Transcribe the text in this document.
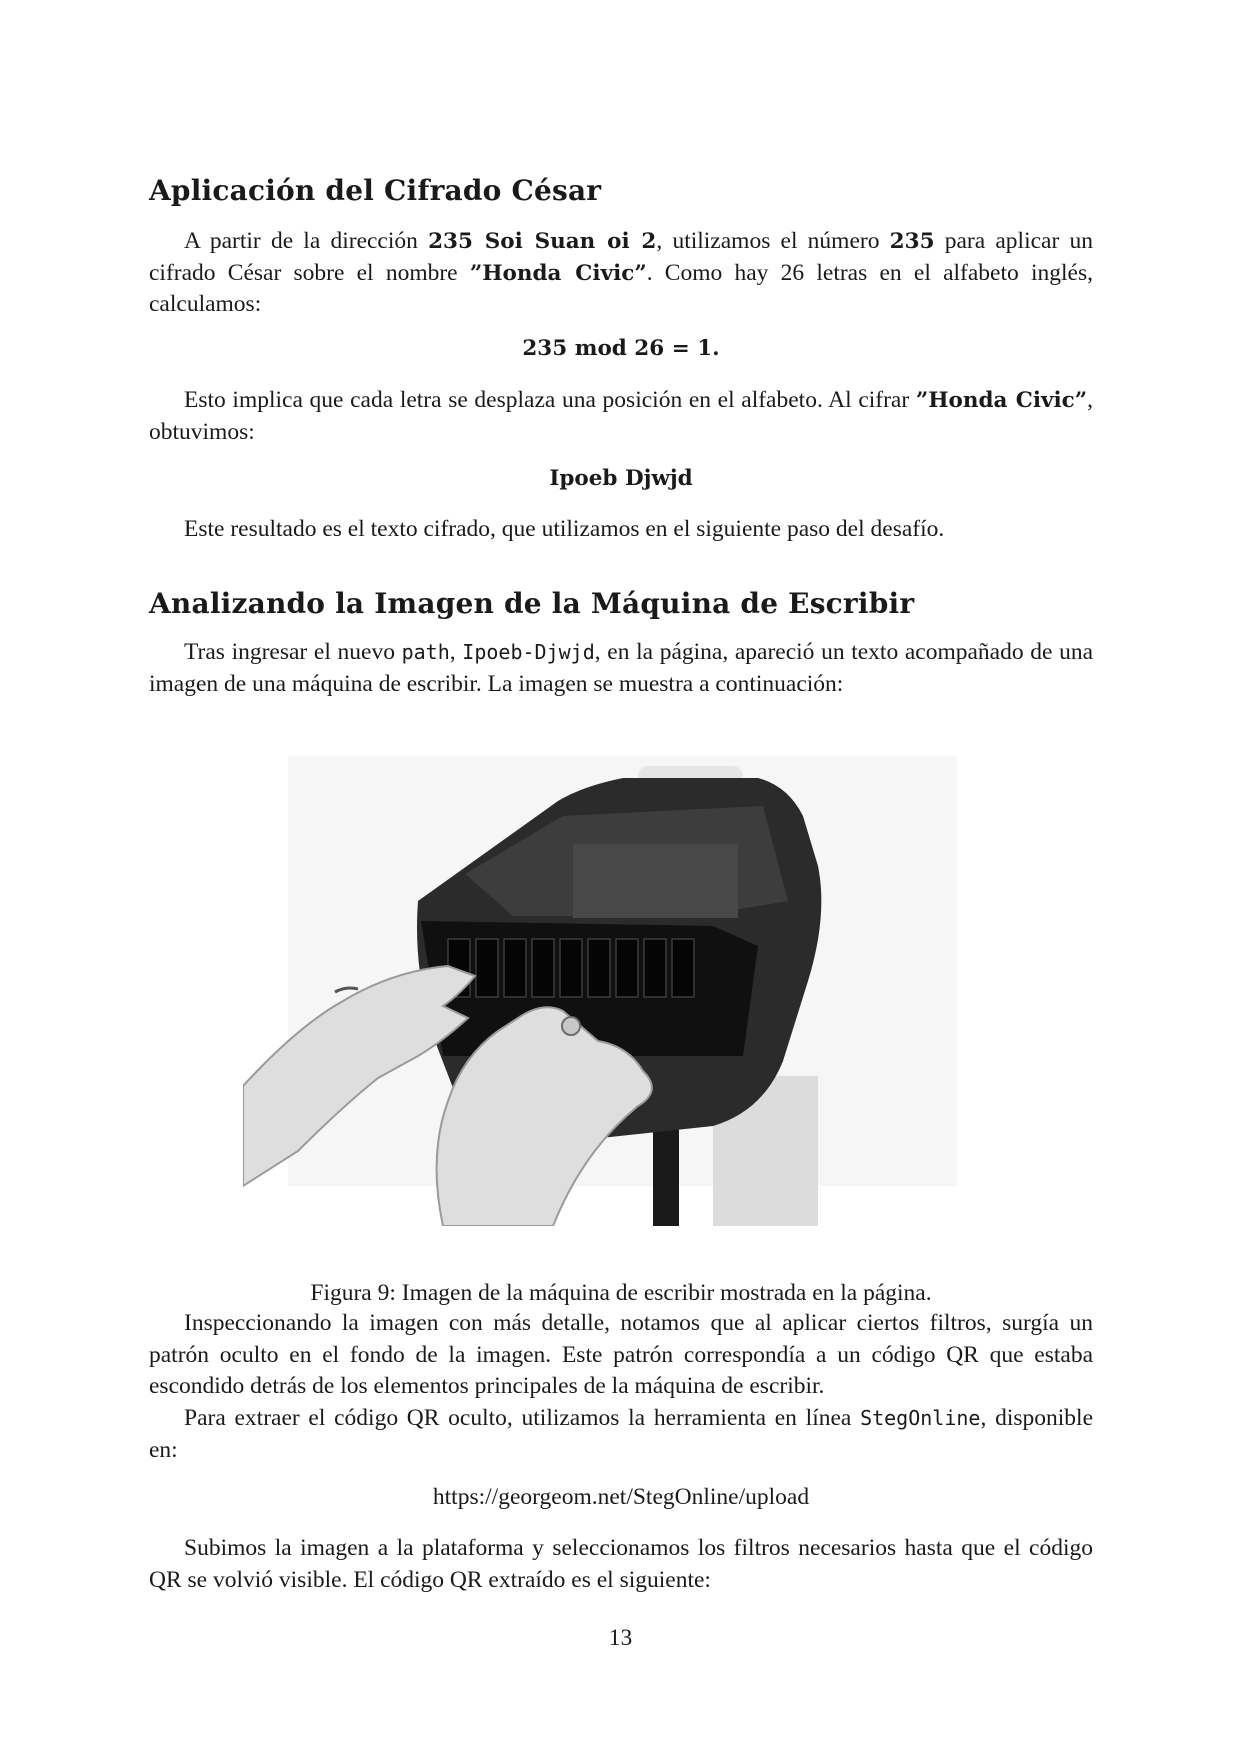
Aplicación del Cifrado César

A partir de la dirección 235 Soi Suan oi 2, utilizamos el número 235 para aplicar un cifrado César sobre el nombre ”Honda Civic”. Como hay 26 letras en el alfabeto inglés, calculamos:

235 mod 26 = 1.

Esto implica que cada letra se desplaza una posición en el alfabeto. Al cifrar ”Honda Civic”, obtuvimos:

Ipoeb Djwjd

Este resultado es el texto cifrado, que utilizamos en el siguiente paso del desafío.

Analizando la Imagen de la Máquina de Escribir

Tras ingresar el nuevo path, Ipoeb-Djwjd, en la página, apareció un texto acompañado de una imagen de una máquina de escribir. La imagen se muestra a continuación:

Figura 9: Imagen de la máquina de escribir mostrada en la página.

Inspeccionando la imagen con más detalle, notamos que al aplicar ciertos filtros, surgía un patrón oculto en el fondo de la imagen. Este patrón correspondía a un código QR que estaba escondido detrás de los elementos principales de la máquina de escribir.

Para extraer el código QR oculto, utilizamos la herramienta en línea StegOnline, disponible en:

https://georgeom.net/StegOnline/upload

Subimos la imagen a la plataforma y seleccionamos los filtros necesarios hasta que el código QR se volvió visible. El código QR extraído es el siguiente:

13
